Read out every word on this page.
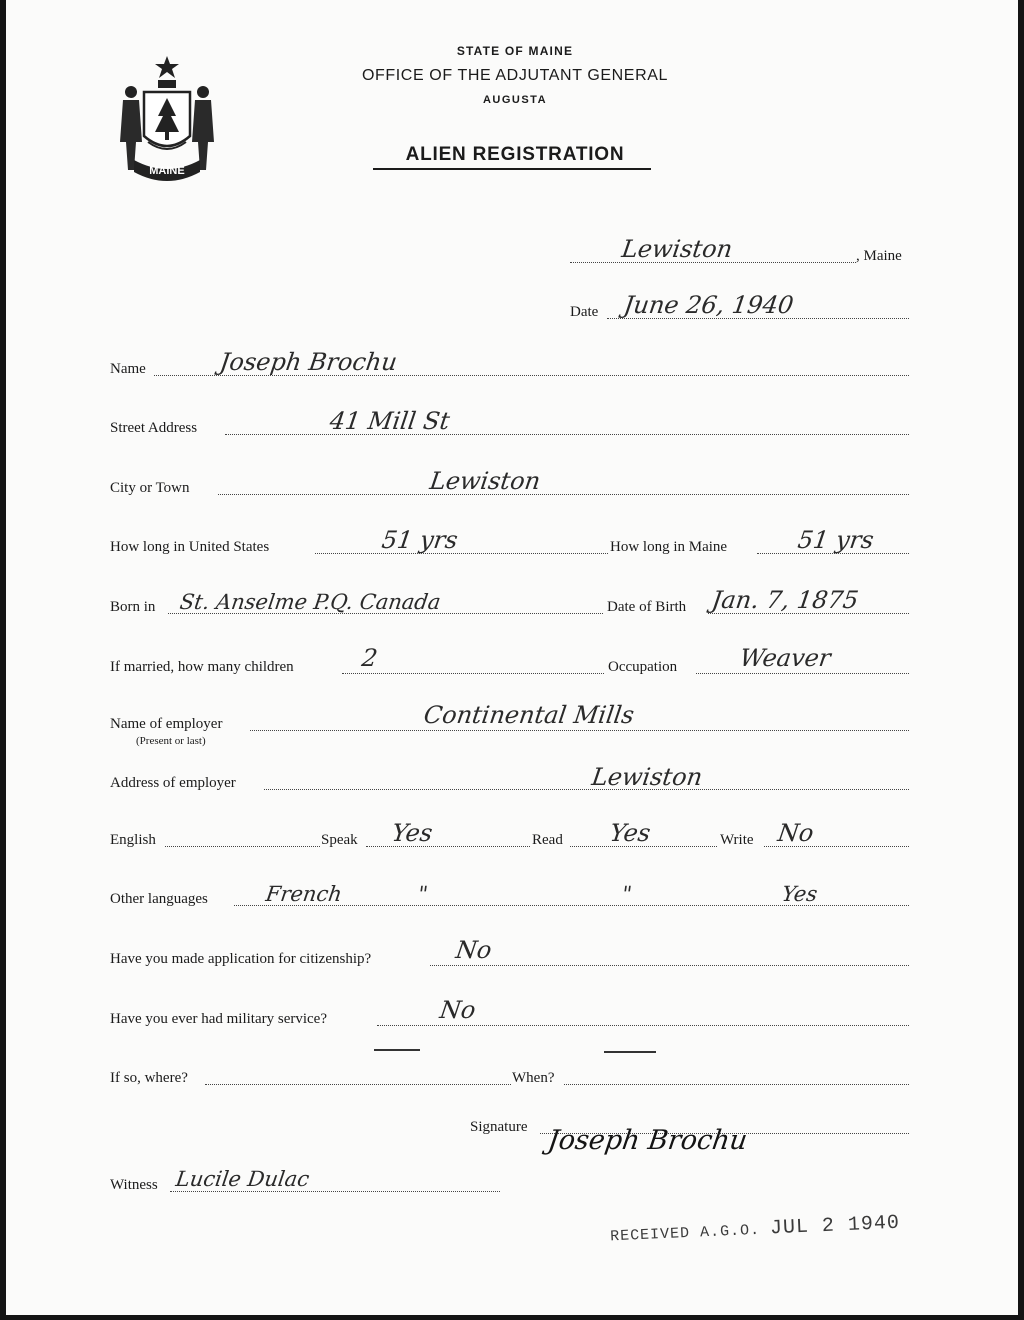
MAINE
STATE OF MAINE
OFFICE OF THE ADJUTANT GENERAL
AUGUSTA
ALIEN REGISTRATION
Lewiston	, Maine
Date June 26, 1940
Name	Joseph Brochu
Street Address	41 Mill St
City or Town	Lewiston
How long in United States	51 yrs	How long in Maine	51 yrs
Born in St. Anselme P.Q. Canada	Date of Birth Jan. 7, 1875
If married, how many children	2	Occupation	Weaver
Name of employer
(Present or last)
Continental Mills
Address of employer	Lewiston
English	Speak Yes	Read Yes	Write No
Other languages	French	"	"	Yes
Have you made application for citizenship?	No
Have you ever had military service?	No
If so, where?	When?
Signature Joseph Brochu
Witness Lucile Dulac
RECEIVED A.G.O. JUL 2 1940
